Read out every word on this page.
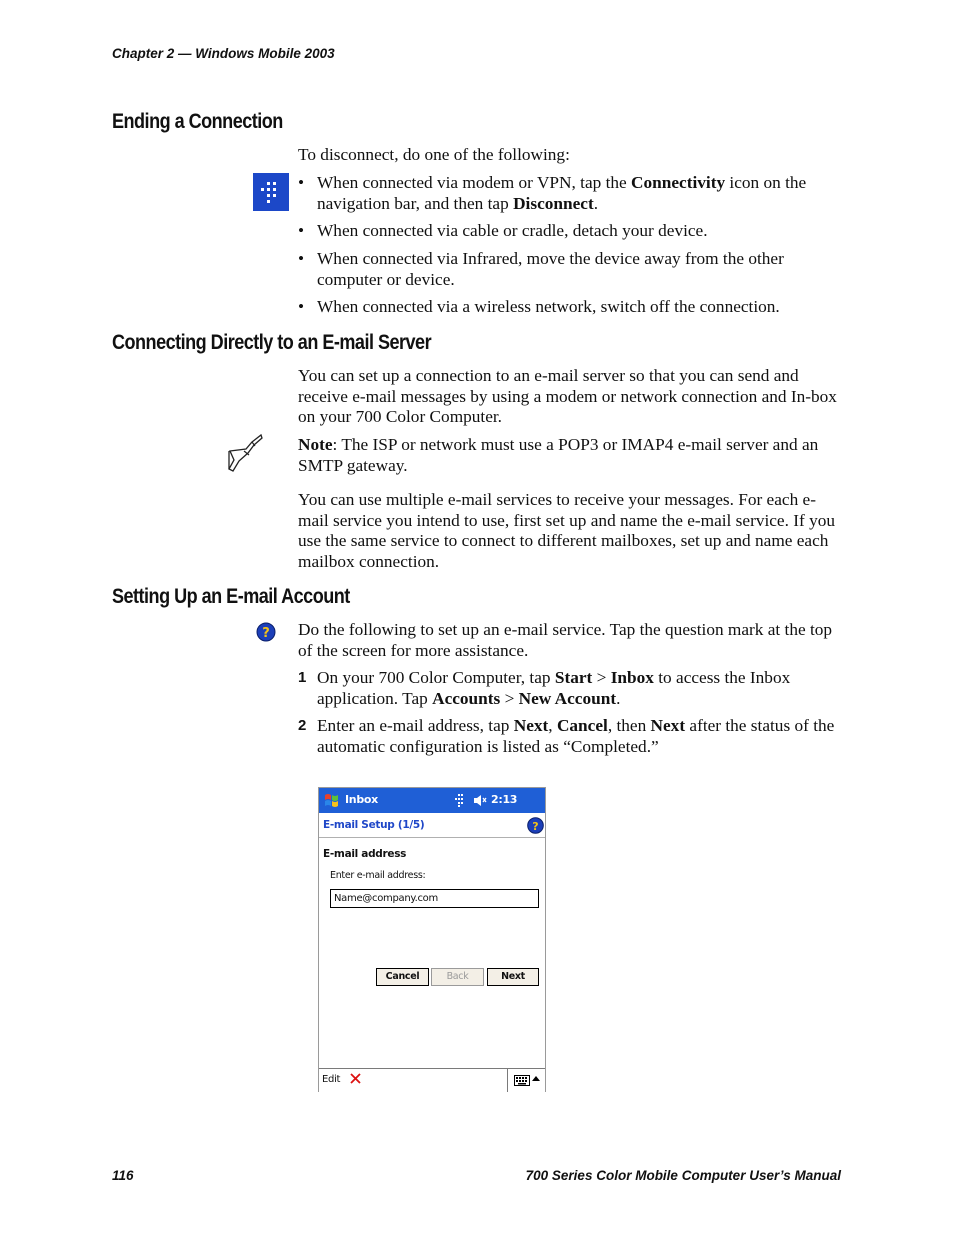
Chapter 2 — Windows Mobile 2003
Ending a Connection

To disconnect, do one of the following:

• When connected via modem or VPN, tap the Connectivity icon on the navigation bar, and then tap Disconnect.
• When connected via cable or cradle, detach your device.
• When connected via Infrared, move the device away from the other computer or device.
• When connected via a wireless network, switch off the connection.
Connecting Directly to an E-mail Server

You can set up a connection to an e-mail server so that you can send and receive e-mail messages by using a modem or network connection and In-box on your 700 Color Computer.

Note: The ISP or network must use a POP3 or IMAP4 e-mail server and an SMTP gateway.

You can use multiple e-mail services to receive your messages. For each e-mail service you intend to use, first set up and name the e-mail service. If you use the same service to connect to different mailboxes, set up and name each mailbox connection.

Setting Up an E-mail Account
? Do the following to set up an e-mail service. Tap the question mark at the top of the screen for more assistance.

1 On your 700 Color Computer, tap Start > Inbox to access the Inbox application. Tap Accounts > New Account.
2 Enter an e-mail address, tap Next, Cancel, then Next after the status of the automatic configuration is listed as “Completed.”
Inbox	2:13
E-mail Setup (1/5)	?
E-mail address
Enter e-mail address:
Name@company.com
Cancel	Back	Next
Edit
116	700 Series Color Mobile Computer User’s Manual
